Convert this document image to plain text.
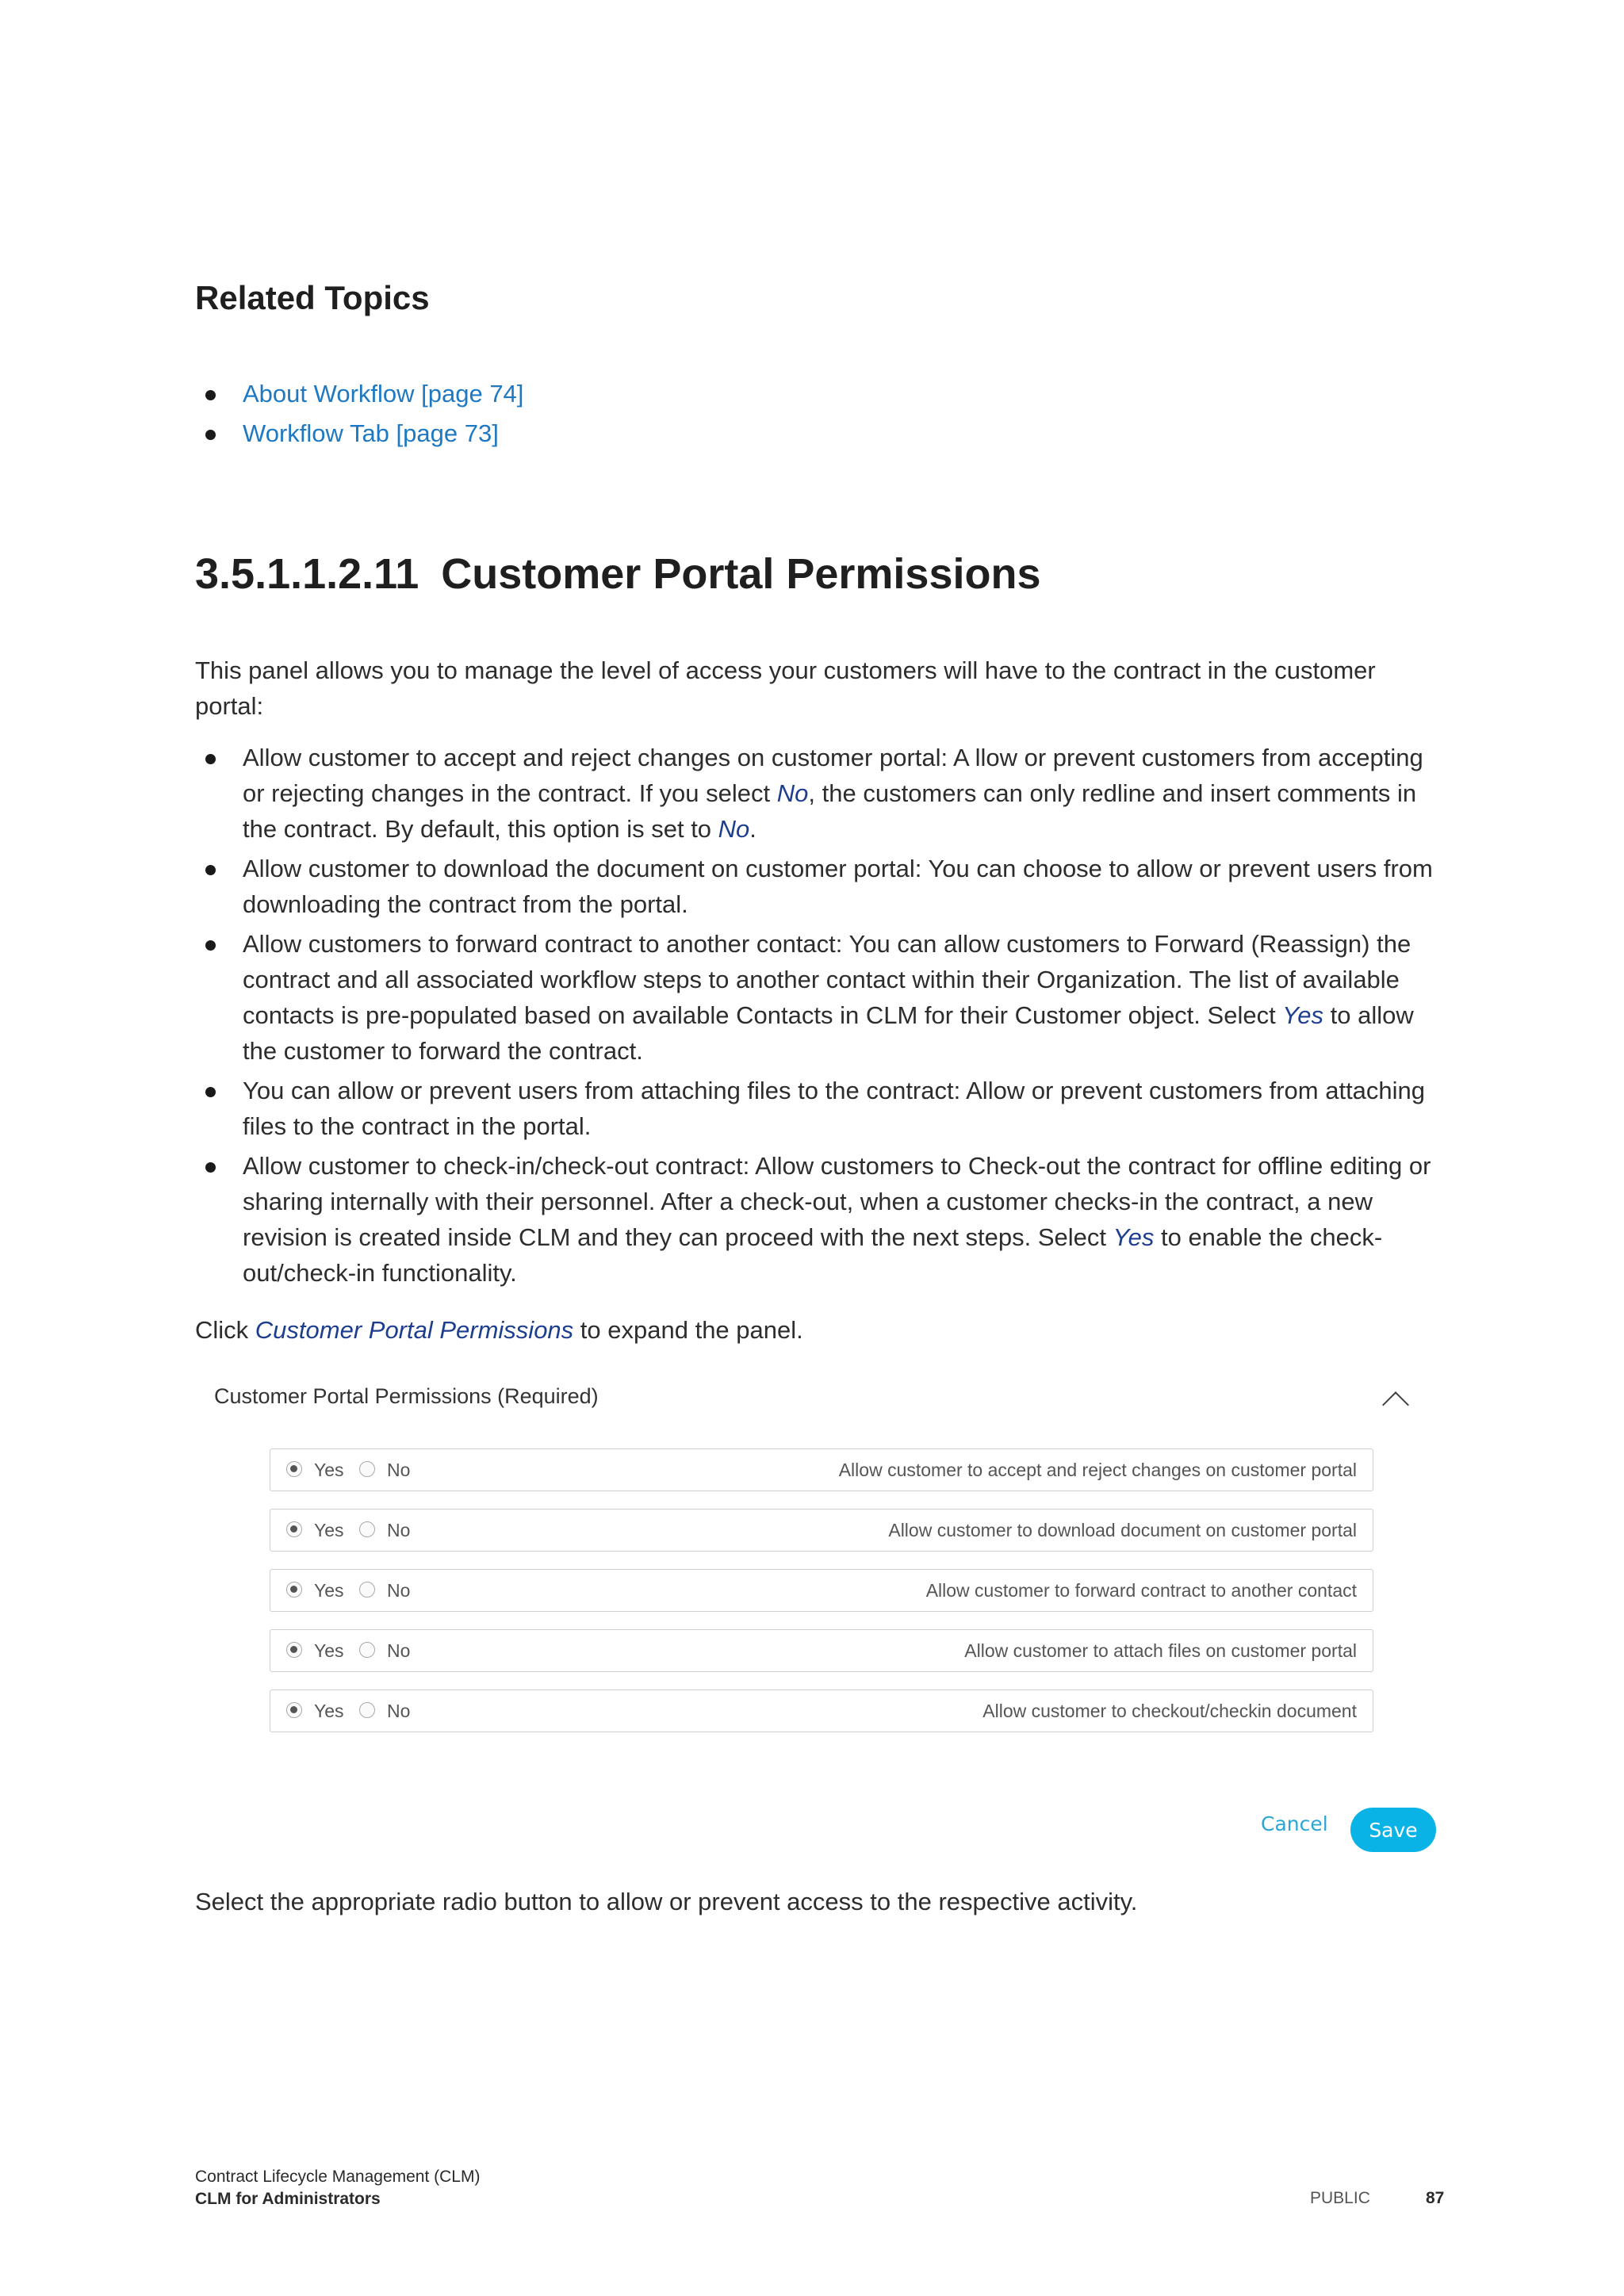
Related Topics
About Workflow [page 74]
Workflow Tab [page 73]
3.5.1.1.2.11 Customer Portal Permissions

This panel allows you to manage the level of access your customers will have to the contract in the customer portal:

Allow customer to accept and reject changes on customer portal: A llow or prevent customers from accepting or rejecting changes in the contract. If you select No, the customers can only redline and insert comments in the contract. By default, this option is set to No.
Allow customer to download the document on customer portal: You can choose to allow or prevent users from downloading the contract from the portal.
Allow customers to forward contract to another contact: You can allow customers to Forward (Reassign) the contract and all associated workflow steps to another contact within their Organization. The list of available contacts is pre-populated based on available Contacts in CLM for their Customer object. Select Yes to allow the customer to forward the contract.
You can allow or prevent users from attaching files to the contract: Allow or prevent customers from attaching files to the contract in the portal.
Allow customer to check-in/check-out contract: Allow customers to Check-out the contract for offline editing or sharing internally with their personnel. After a check-out, when a customer checks-in the contract, a new revision is created inside CLM and they can proceed with the next steps. Select Yes to enable the check-out/check-in functionality.

Click Customer Portal Permissions to expand the panel.

Customer Portal Permissions (Required)
Yes No	Allow customer to accept and reject changes on customer portal
Yes No	Allow customer to download document on customer portal
Yes No	Allow customer to forward contract to another contact
Yes No	Allow customer to attach files on customer portal
Yes No	Allow customer to checkout/checkin document
Cancel	Save

Select the appropriate radio button to allow or prevent access to the respective activity.

Contract Lifecycle Management (CLM)
CLM for Administrators	PUBLIC	87
